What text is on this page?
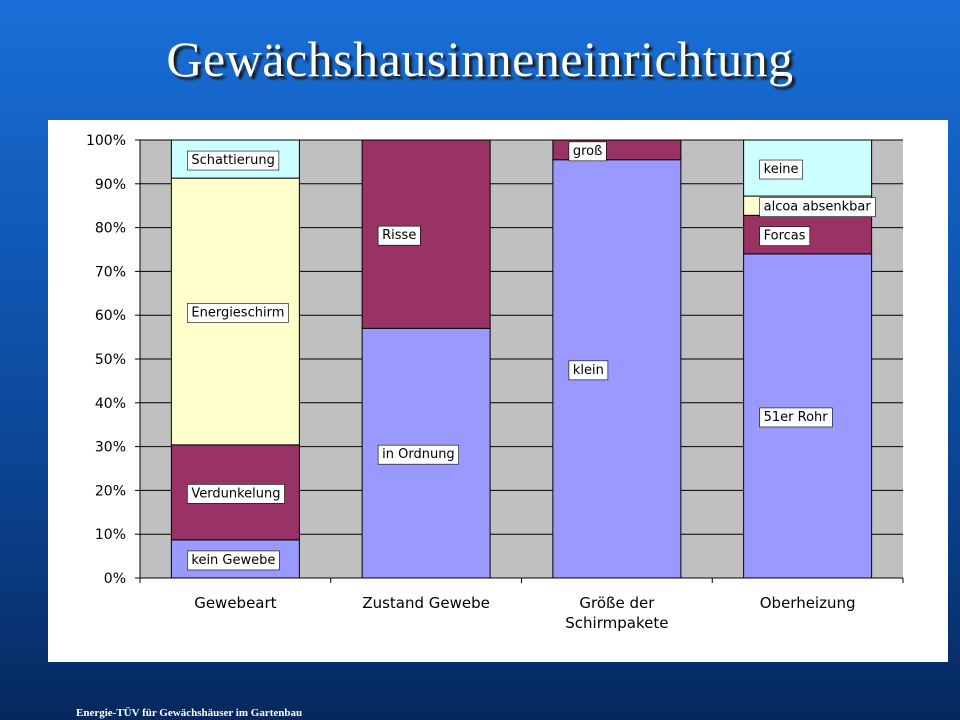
Gewächshausinneneinrichtung
0%
10%
20%
30%
40%
50%
60%
70%
80%
90%
100%
kein Gewebe
Verdunkelung
Energieschirm
Schattierung
in Ordnung
Risse
klein
groß
51er Rohr
Forcas
alcoa absenkbar
keine
Gewebeart	Zustand Gewebe	Größe der
Schirmpakete
Oberheizung
Energie-TÜV für Gewächshäuser im Gartenbau
